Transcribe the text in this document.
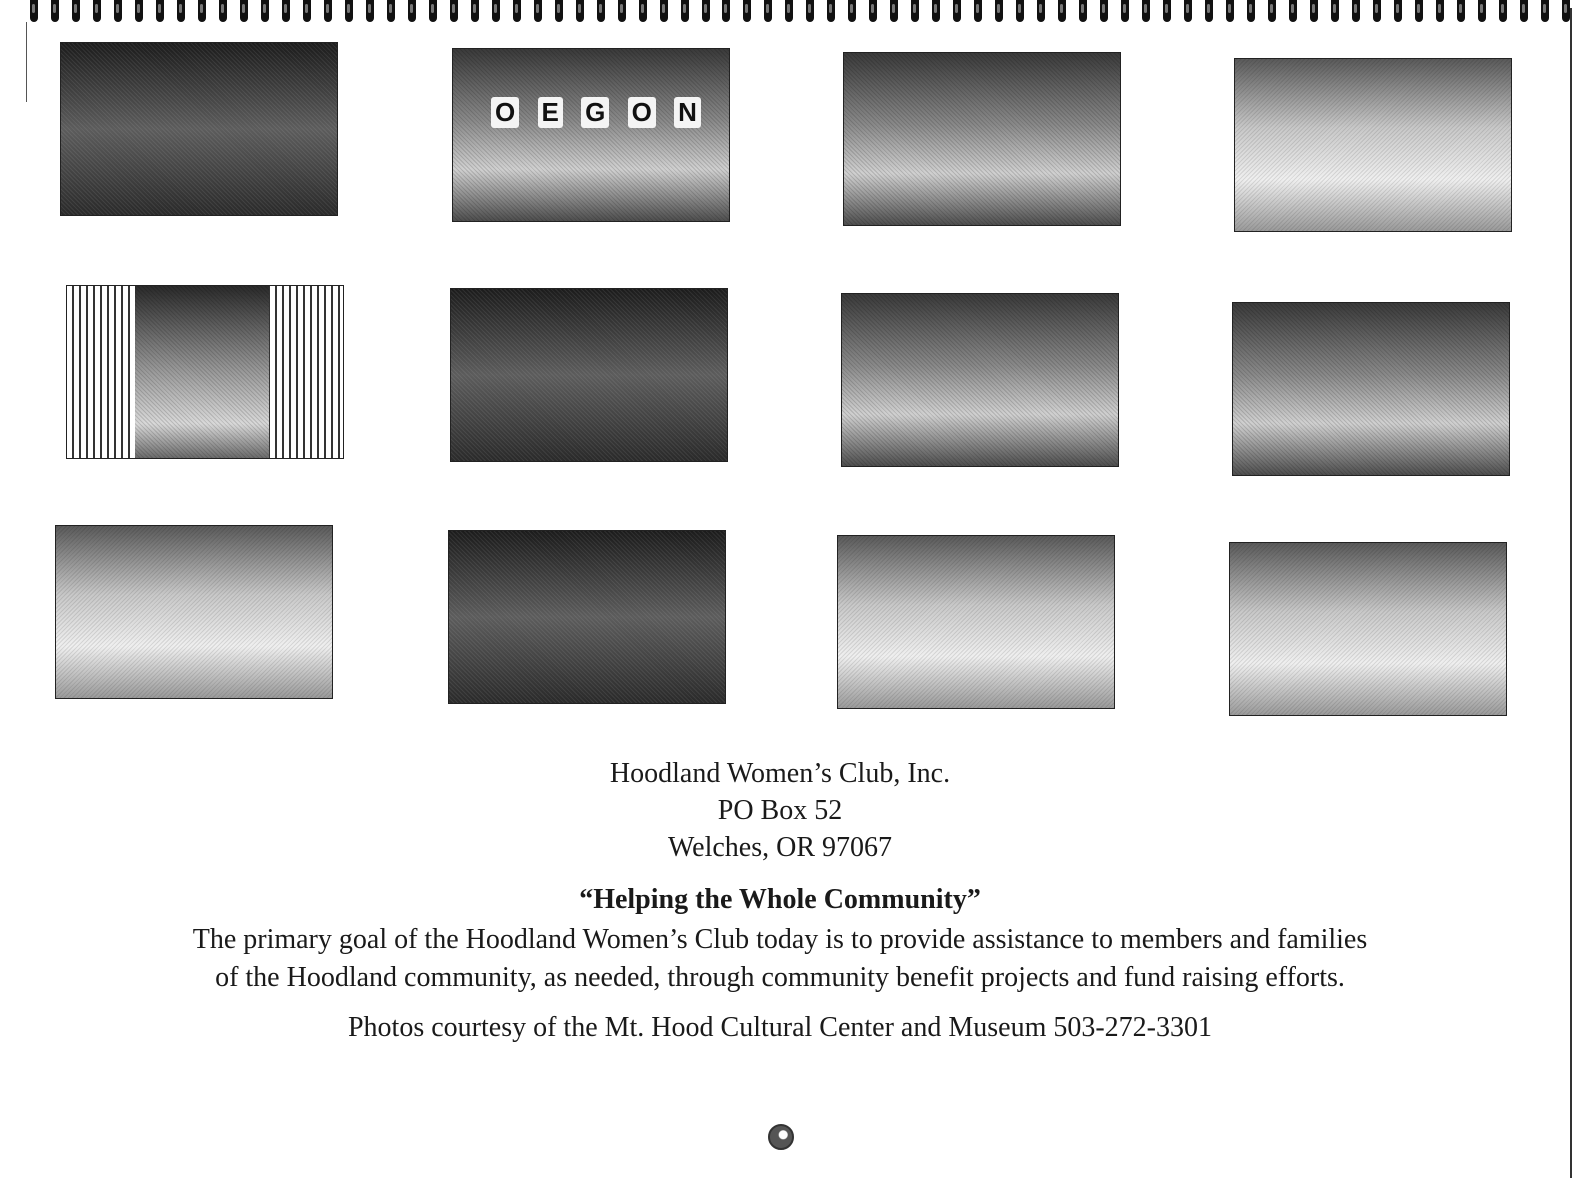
O E G O N
Hoodland Women’s Club, Inc.
PO Box 52
Welches, OR 97067
“Helping the Whole Community”
The primary goal of the Hoodland Women’s Club today is to provide assistance to members and families
of the Hoodland community, as needed, through community benefit projects and fund raising efforts.
Photos courtesy of the Mt. Hood Cultural Center and Museum 503-272-3301
